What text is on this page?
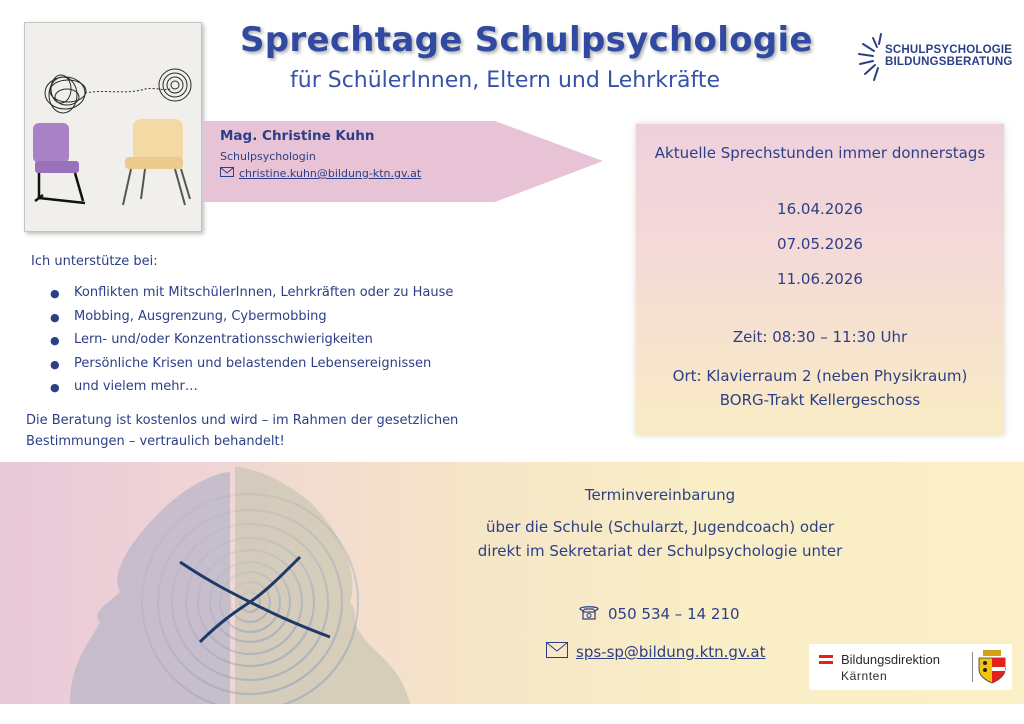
Sprechtage Schulpsychologie
für SchülerInnen, Eltern und Lehrkräfte
SCHULPSYCHOLOGIE
BILDUNGSBERATUNG
Mag. Christine Kuhn
Schulpsychologin
christine.kuhn@bildung-ktn.gv.at
Aktuelle Sprechstunden immer donnerstags
16.04.2026
07.05.2026
11.06.2026
Zeit: 08:30 – 11:30 Uhr
Ort: Klavierraum 2 (neben Physikraum)
BORG-Trakt Kellergeschoss
Ich unterstütze bei:
●	Konflikten mit MitschülerInnen, Lehrkräften oder zu Hause
●	Mobbing, Ausgrenzung, Cybermobbing
●	Lern- und/oder Konzentrationsschwierigkeiten
●	Persönliche Krisen und belastenden Lebensereignissen
●	und vielem mehr…
Die Beratung ist kostenlos und wird – im Rahmen der gesetzlichen Bestimmungen – vertraulich behandelt!
Terminvereinbarung
über die Schule (Schularzt, Jugendcoach) oder
direkt im Sekretariat der Schulpsychologie unter
050 534 – 14 210
sps-sp@bildung.ktn.gv.at	Bildungsdirektion
Kärnten
